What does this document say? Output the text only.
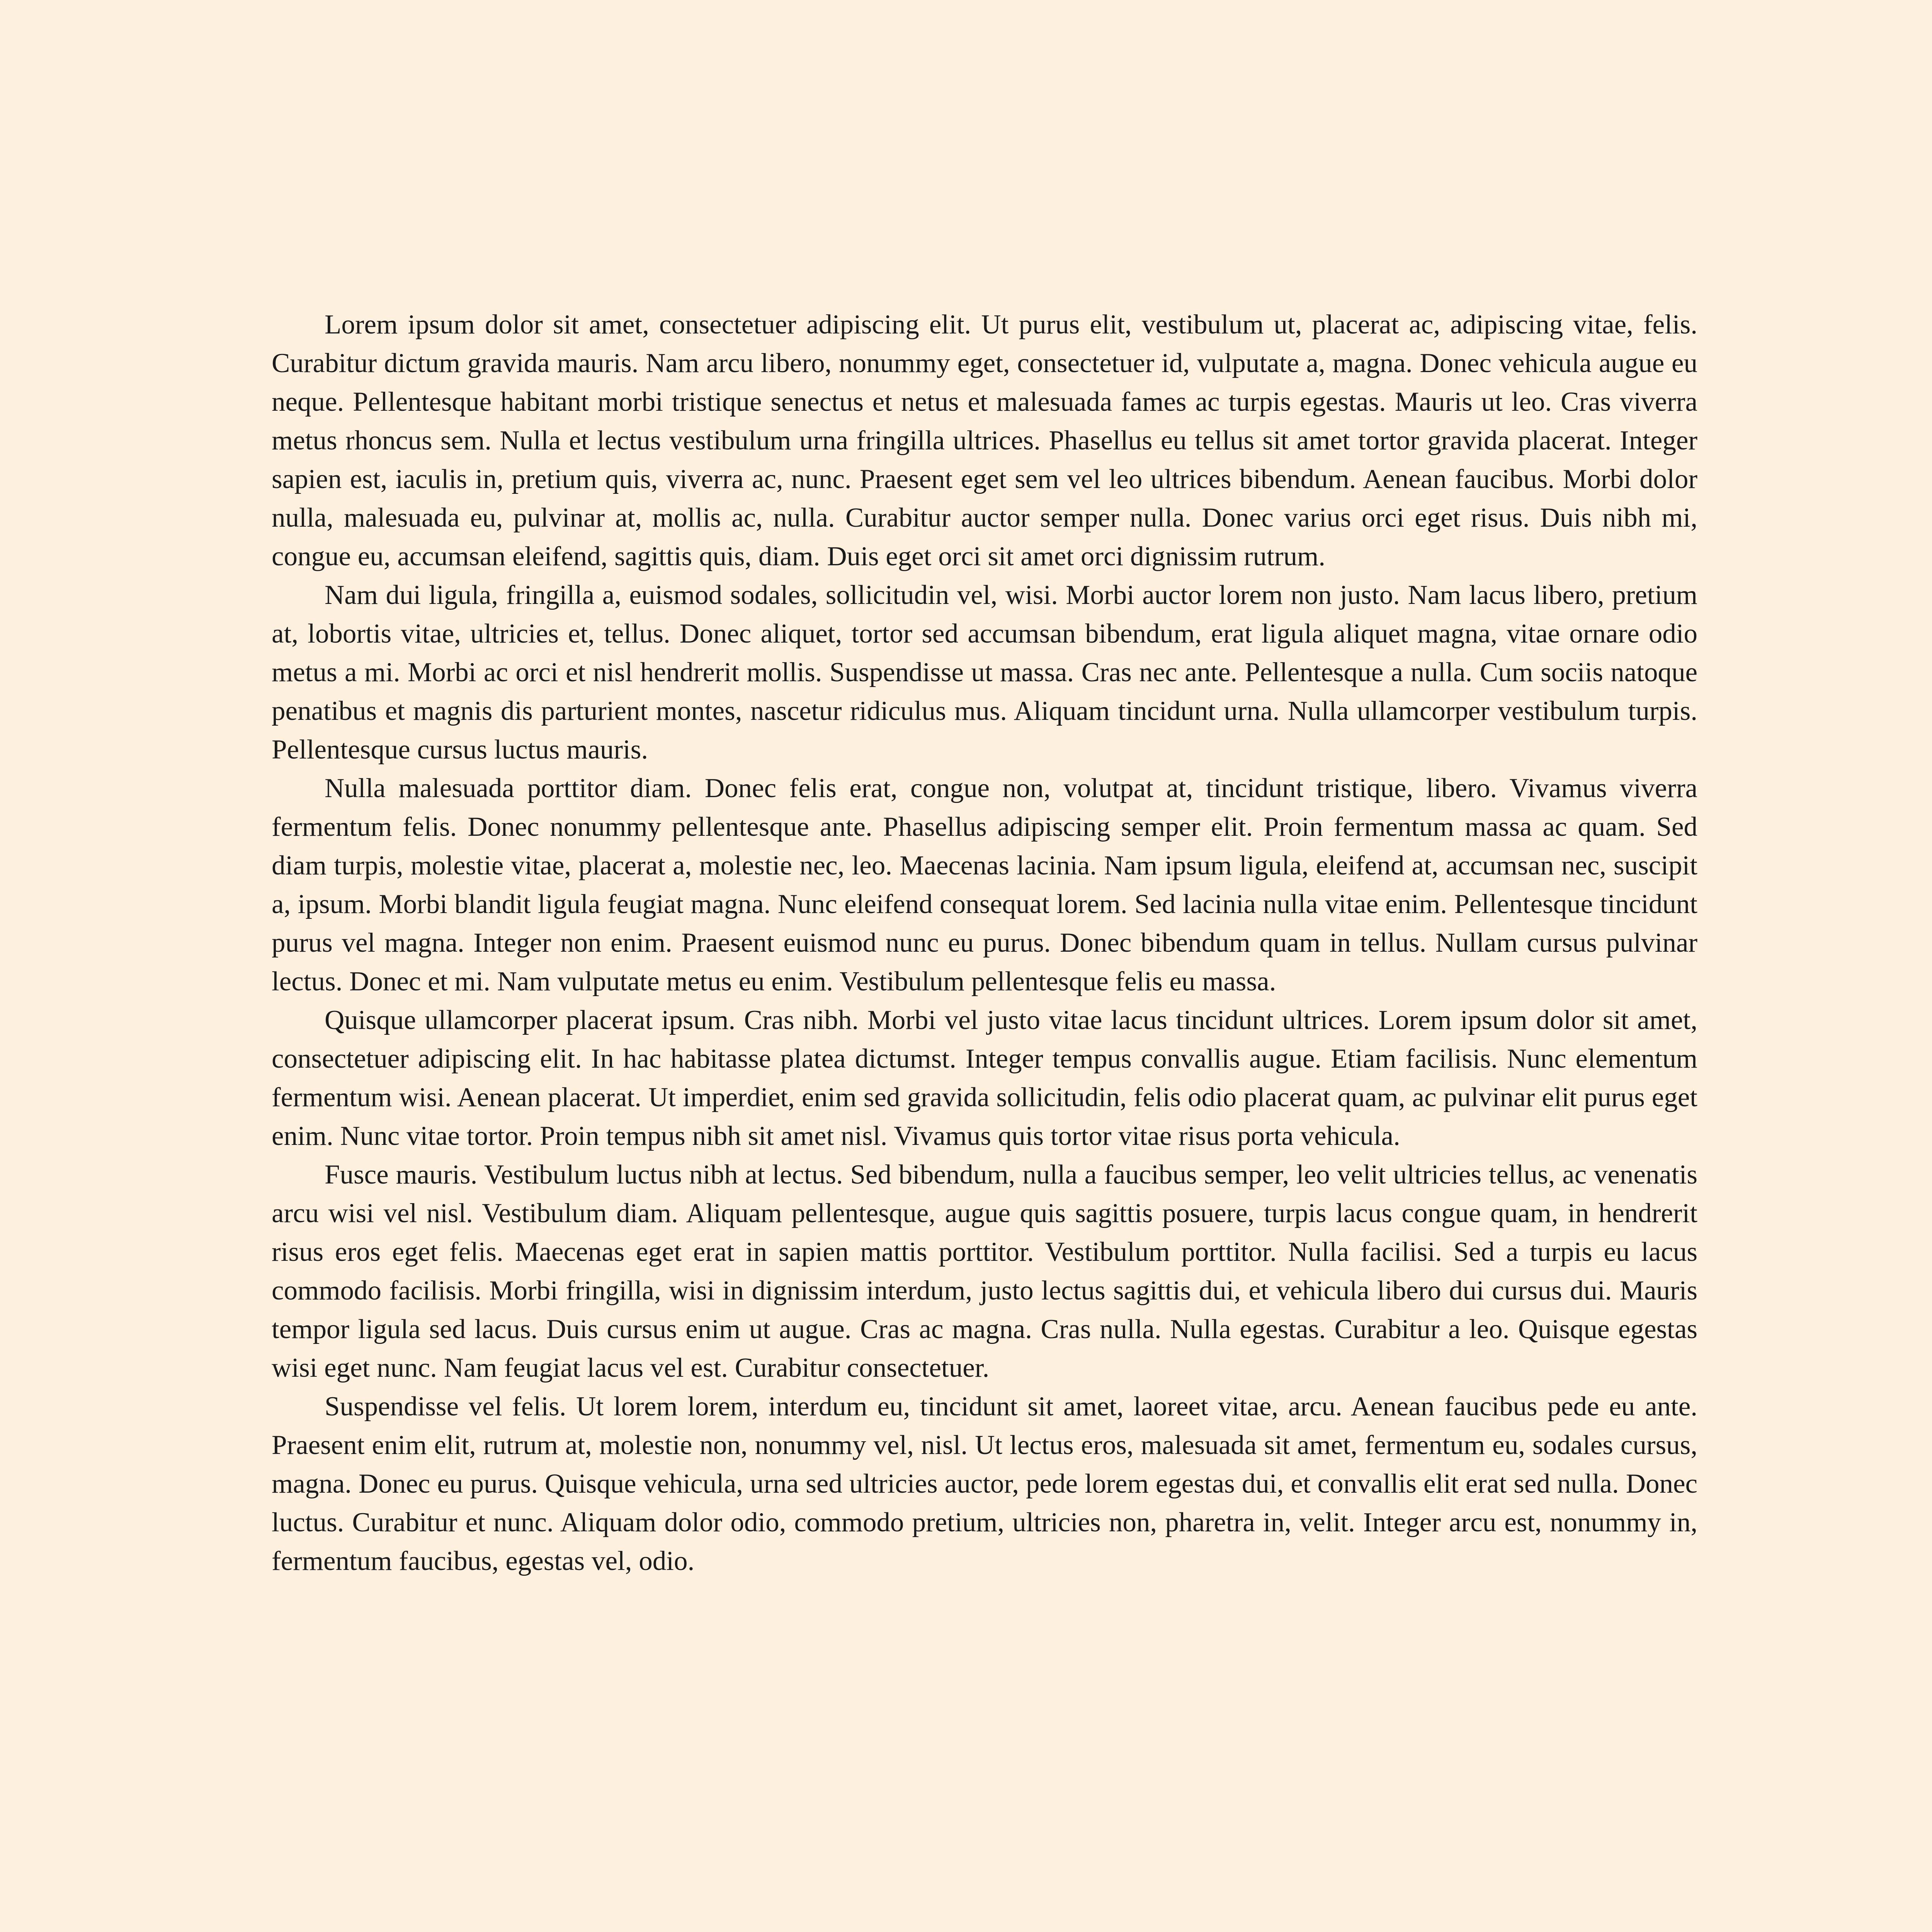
Lorem ipsum dolor sit amet, consectetuer adipiscing elit. Ut purus elit, vestibulum ut, placerat ac, adipiscing vitae, felis. Curabitur dictum gravida mauris. Nam arcu libero, nonummy eget, consectetuer id, vulputate a, magna. Donec vehicula augue eu neque. Pellentesque habitant morbi tristique senectus et netus et malesuada fames ac turpis egestas. Mauris ut leo. Cras viverra metus rhoncus sem. Nulla et lectus vestibulum urna fringilla ultrices. Phasellus eu tellus sit amet tortor gravida placerat. Integer sapien est, iaculis in, pretium quis, viverra ac, nunc. Praesent eget sem vel leo ultrices bibendum. Aenean faucibus. Morbi dolor nulla, malesuada eu, pulvinar at, mollis ac, nulla. Curabitur auctor semper nulla. Donec varius orci eget risus. Duis nibh mi, congue eu, accumsan eleifend, sagittis quis, diam. Duis eget orci sit amet orci dignissim rutrum.

Nam dui ligula, fringilla a, euismod sodales, sollicitudin vel, wisi. Morbi auctor lorem non justo. Nam lacus libero, pretium at, lobortis vitae, ultricies et, tellus. Donec aliquet, tortor sed accumsan bibendum, erat ligula aliquet magna, vitae ornare odio metus a mi. Morbi ac orci et nisl hendrerit mollis. Suspendisse ut massa. Cras nec ante. Pellentesque a nulla. Cum sociis natoque penatibus et magnis dis parturient montes, nascetur ridiculus mus. Aliquam tincidunt urna. Nulla ullamcorper vestibulum turpis. Pellentesque cursus luctus mauris.

Nulla malesuada porttitor diam. Donec felis erat, congue non, volutpat at, tincidunt tristique, libero. Vivamus viverra fermentum felis. Donec nonummy pellentesque ante. Phasellus adipiscing semper elit. Proin fermentum massa ac quam. Sed diam turpis, molestie vitae, placerat a, molestie nec, leo. Maecenas lacinia. Nam ipsum ligula, eleifend at, accumsan nec, suscipit a, ipsum. Morbi blandit ligula feugiat magna. Nunc eleifend consequat lorem. Sed lacinia nulla vitae enim. Pellentesque tincidunt purus vel magna. Integer non enim. Praesent euismod nunc eu purus. Donec bibendum quam in tellus. Nullam cursus pulvinar lectus. Donec et mi. Nam vulputate metus eu enim. Vestibulum pellentesque felis eu massa.

Quisque ullamcorper placerat ipsum. Cras nibh. Morbi vel justo vitae lacus tincidunt ultrices. Lorem ipsum dolor sit amet, consectetuer adipiscing elit. In hac habitasse platea dictumst. Integer tempus convallis augue. Etiam facilisis. Nunc elementum fermentum wisi. Aenean placerat. Ut imperdiet, enim sed gravida sollicitudin, felis odio placerat quam, ac pulvinar elit purus eget enim. Nunc vitae tortor. Proin tempus nibh sit amet nisl. Vivamus quis tortor vitae risus porta vehicula.

Fusce mauris. Vestibulum luctus nibh at lectus. Sed bibendum, nulla a faucibus semper, leo velit ultricies tellus, ac venenatis arcu wisi vel nisl. Vestibulum diam. Aliquam pellentesque, augue quis sagittis posuere, turpis lacus congue quam, in hendrerit risus eros eget felis. Maecenas eget erat in sapien mattis porttitor. Vestibulum porttitor. Nulla facilisi. Sed a turpis eu lacus commodo facilisis. Morbi fringilla, wisi in dignissim interdum, justo lectus sagittis dui, et vehicula libero dui cursus dui. Mauris tempor ligula sed lacus. Duis cursus enim ut augue. Cras ac magna. Cras nulla. Nulla egestas. Curabitur a leo. Quisque egestas wisi eget nunc. Nam feugiat lacus vel est. Curabitur consectetuer.

Suspendisse vel felis. Ut lorem lorem, interdum eu, tincidunt sit amet, laoreet vitae, arcu. Aenean faucibus pede eu ante. Praesent enim elit, rutrum at, molestie non, nonummy vel, nisl. Ut lectus eros, malesuada sit amet, fermentum eu, sodales cursus, magna. Donec eu purus. Quisque vehicula, urna sed ultricies auctor, pede lorem egestas dui, et convallis elit erat sed nulla. Donec luctus. Curabitur et nunc. Aliquam dolor odio, commodo pretium, ultricies non, pharetra in, velit. Integer arcu est, nonummy in, fermentum faucibus, egestas vel, odio.
